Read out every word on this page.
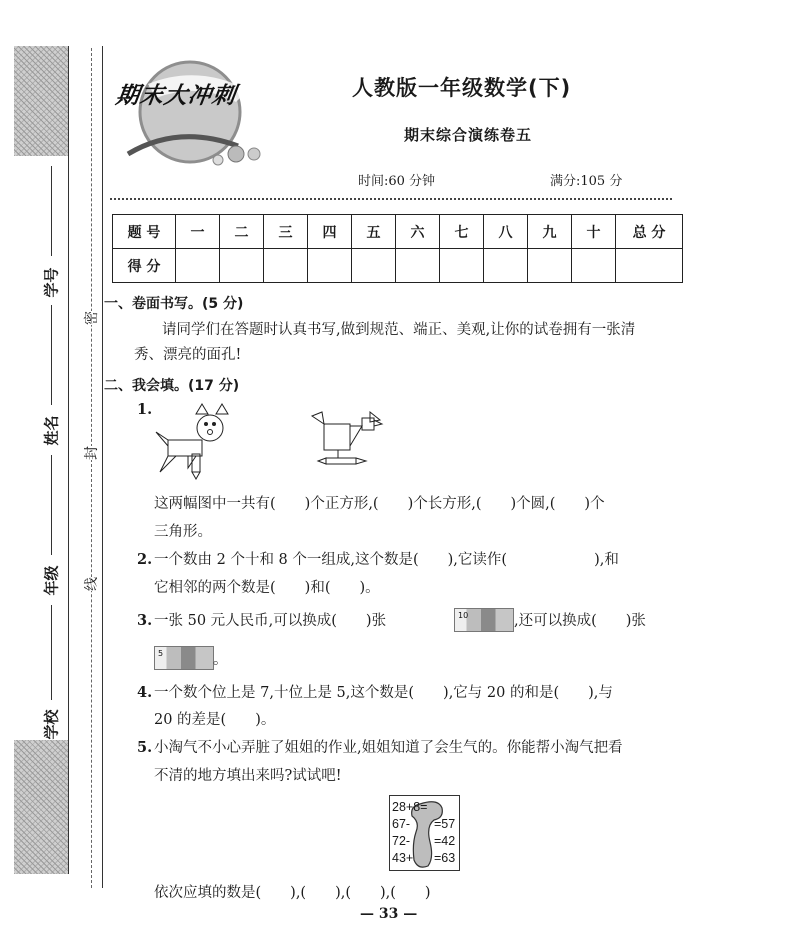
学号
姓名
年级
学校
密
封
线
期末大冲刺	人教版一年级数学(下)
期末综合演练卷五
时间:60 分钟	满分:105 分
题 号	一	二	三	四	五	六	七	八	九	十	总 分
得 分											
一、卷面书写。(5 分)
请同学们在答题时认真书写,做到规范、端正、美观,让你的试卷拥有一张清
秀、漂亮的面孔!
二、我会填。(17 分)
1.
这两幅图中一共有(　　)个正方形,(　　)个长方形,(　　)个圆,(　　)个
三角形。
2. 一个数由 2 个十和 8 个一组成,这个数是(　　),它读作(　　　　　　),和
它相邻的两个数是(　　)和(　　)。
3. 一张 50 元人民币,可以换成(　　)张	10	,还可以换成(　　)张
5	。
4. 一个数个位上是 7,十位上是 5,这个数是(　　),它与 20 的和是(　　),与
20 的差是(　　)。
5. 小淘气不小心弄脏了姐姐的作业,姐姐知道了会生气的。你能帮小淘气把看
不清的地方填出来吗?试试吧!
28+8=
67- =57
72- =42
43+ =63
依次应填的数是(　　),(　　),(　　),(　　)
— 33 —
